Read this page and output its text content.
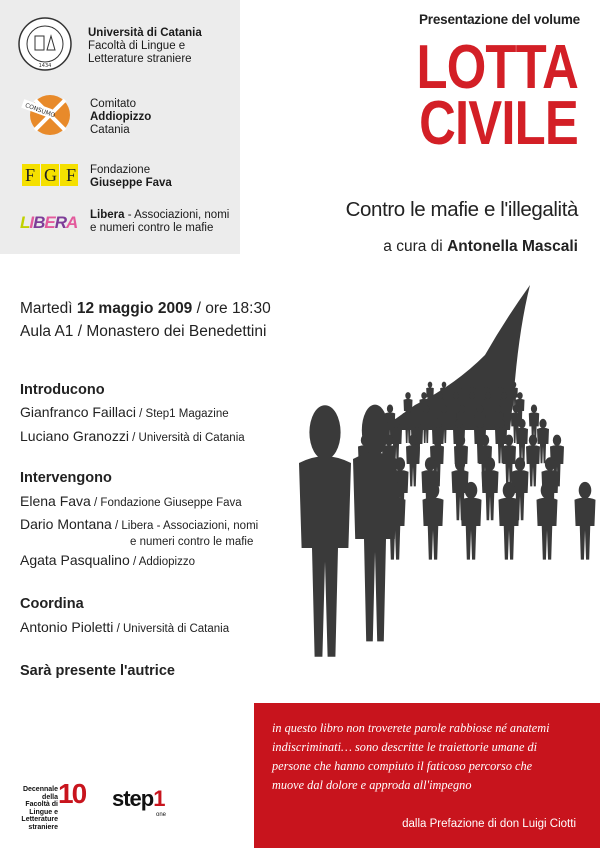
1434
Università di Catania
Facoltà di Lingue e
Letterature straniere
CONSUMO	Comitato
Addiopizzo
Catania
FGF Fondazione
Giuseppe Fava
LIBERA Libera - Associazioni, nomi
e numeri contro le mafie
Presentazione del volume
LOTTA
CIVILE
Contro le mafie e l'illegalità
a cura di Antonella Mascali
Martedì 12 maggio 2009 / ore 18:30
Aula A1 / Monastero dei Benedettini
Introducono
Gianfranco Faillaci / Step1 Magazine
Luciano Granozzi / Università di Catania
Intervengono
Elena Fava / Fondazione Giuseppe Fava
Dario Montana / Libera - Associazioni, nomi
e numeri contro le mafie
Agata Pasqualino / Addiopizzo
Coordina
Antonio Pioletti / Università di Catania
Sarà presente l'autrice
in questo libro non troverete parole rabbiose né anatemi
indiscriminati… sono descritte le traiettorie umane di
persone che hanno compiuto il faticoso percorso che
muove dal dolore e approda all'impegno
dalla Prefazione di don Luigi Ciotti
Decennale
della
Facoltà di
Lingue e
Letterature
straniere
10 step1
one
